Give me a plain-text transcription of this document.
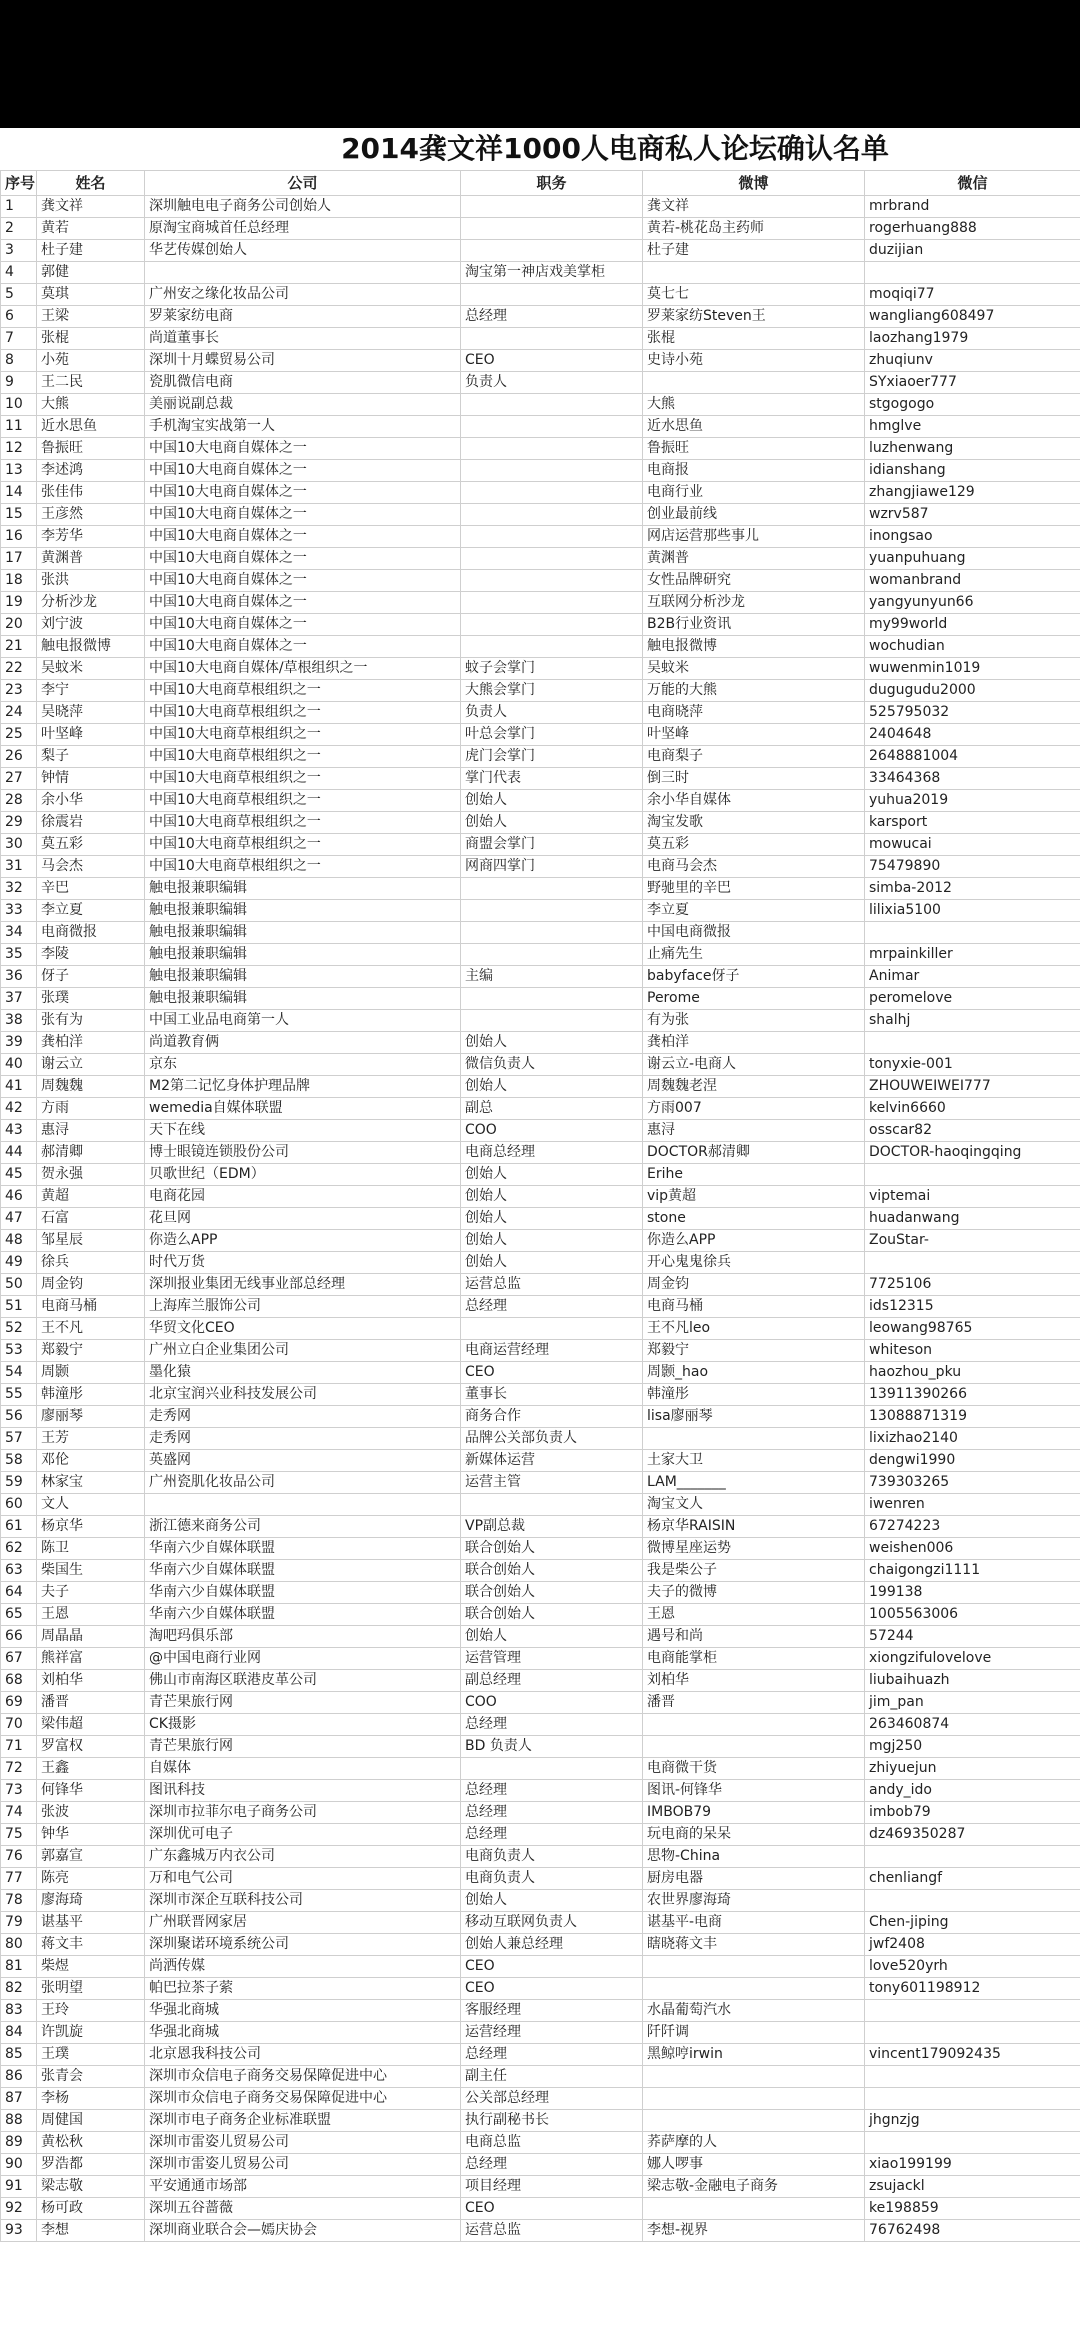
2014龚文祥1000人电商私人论坛确认名单
序号	姓名	公司	职务	微博	微信
1	龚文祥	深圳触电电子商务公司创始人		龚文祥	mrbrand
2	黄若	原淘宝商城首任总经理		黄若-桃花岛主药师	rogerhuang888
3	杜子建	华艺传媒创始人		杜子建	duzijian
4	郭健		淘宝第一神店戏美掌柜		
5	莫琪	广州安之缘化妆品公司		莫七七	moqiqi77
6	王梁	罗莱家纺电商	总经理	罗莱家纺Steven王	wangliang608497
7	张棍	尚道董事长		张棍	laozhang1979
8	小苑	深圳十月蝶贸易公司	CEO	史诗小苑	zhuqiunv
9	王二民	瓷肌微信电商	负责人		SYxiaoer777
10	大熊	美丽说副总裁		大熊	stgogogo
11	近水思鱼	手机淘宝实战第一人		近水思鱼	hmglve
12	鲁振旺	中国10大电商自媒体之一		鲁振旺	luzhenwang
13	李述鸿	中国10大电商自媒体之一		电商报	idianshang
14	张佳伟	中国10大电商自媒体之一		电商行业	zhangjiawe129
15	王彦然	中国10大电商自媒体之一		创业最前线	wzrv587
16	李芳华	中国10大电商自媒体之一		网店运营那些事儿	inongsao
17	黄渊普	中国10大电商自媒体之一		黄渊普	yuanpuhuang
18	张洪	中国10大电商自媒体之一		女性品牌研究	womanbrand
19	分析沙龙	中国10大电商自媒体之一		互联网分析沙龙	yangyunyun66
20	刘宁波	中国10大电商自媒体之一		B2B行业资讯	my99world
21	触电报微博	中国10大电商自媒体之一		触电报微博	wochudian
22	吴蚊米	中国10大电商自媒体/草根组织之一	蚊子会掌门	吴蚊米	wuwenmin1019
23	李宁	中国10大电商草根组织之一	大熊会掌门	万能的大熊	dugugudu2000
24	吴晓萍	中国10大电商草根组织之一	负责人	电商晓萍	525795032
25	叶坚峰	中国10大电商草根组织之一	叶总会掌门	叶坚峰	2404648
26	梨子	中国10大电商草根组织之一	虎门会掌门	电商梨子	2648881004
27	钟情	中国10大电商草根组织之一	掌门代表	倒三时	33464368
28	余小华	中国10大电商草根组织之一	创始人	余小华自媒体	yuhua2019
29	徐震岩	中国10大电商草根组织之一	创始人	淘宝发歌	karsport
30	莫五彩	中国10大电商草根组织之一	商盟会掌门	莫五彩	mowucai
31	马会杰	中国10大电商草根组织之一	网商四掌门	电商马会杰	75479890
32	辛巴	触电报兼职编辑		野驰里的辛巴	simba-2012
33	李立夏	触电报兼职编辑		李立夏	lilixia5100
34	电商微报	触电报兼职编辑		中国电商微报	
35	李陵	触电报兼职编辑		止痛先生	mrpainkiller
36	伢子	触电报兼职编辑	主编	babyface伢子	Animar
37	张璞	触电报兼职编辑		Perome	peromelove
38	张有为	中国工业品电商第一人		有为张	shalhj
39	龚柏洋	尚道教育俩	创始人	龚柏洋	
40	谢云立	京东	微信负责人	谢云立-电商人	tonyxie-001
41	周魏魏	M2第二记忆身体护理品牌	创始人	周魏魏老涅	ZHOUWEIWEI777
42	方雨	wemedia自媒体联盟	副总	方雨007	kelvin6660
43	惠浔	天下在线	COO	惠浔	osscar82
44	郝清卿	博士眼镜连锁股份公司	电商总经理	DOCTOR郝清卿	DOCTOR-haoqingqing
45	贺永强	贝歌世纪（EDM）	创始人	Erihe	
46	黄超	电商花园	创始人	vip黄超	viptemai
47	石富	花旦网	创始人	stone	huadanwang
48	邹星辰	你造么APP	创始人	你造么APP	ZouStar-
49	徐兵	时代万货	创始人	开心鬼鬼徐兵	
50	周金钧	深圳报业集团无线事业部总经理	运营总监	周金钧	7725106
51	电商马桶	上海库兰服饰公司	总经理	电商马桶	ids12315
52	王不凡	华贸文化CEO		王不凡leo	leowang98765
53	郑毅宁	广州立白企业集团公司	电商运营经理	郑毅宁	whiteson
54	周颢	墨化猿	CEO	周颢_hao	haozhou_pku
55	韩潼彤	北京宝润兴业科技发展公司	董事长	韩潼彤	13911390266
56	廖丽琴	走秀网	商务合作	lisa廖丽琴	13088871319
57	王芳	走秀网	品牌公关部负责人		lixizhao2140
58	邓伦	英盛网	新媒体运营	土家大卫	dengwi1990
59	林家宝	广州瓷肌化妆品公司	运营主管	LAM_______	739303265
60	文人			淘宝文人	iwenren
61	杨京华	浙江德来商务公司	VP副总裁	杨京华RAISIN	67274223
62	陈卫	华南六少自媒体联盟	联合创始人	微博星座运势	weishen006
63	柴国生	华南六少自媒体联盟	联合创始人	我是柴公子	chaigongzi1111
64	夫子	华南六少自媒体联盟	联合创始人	夫子的微博	199138
65	王恩	华南六少自媒体联盟	联合创始人	王恩	1005563006
66	周晶晶	淘吧玛俱乐部	创始人	遇号和尚	57244
67	熊祥富	@中国电商行业网	运营管理	电商能掌柜	xiongzifulovelove
68	刘柏华	佛山市南海区联港皮革公司	副总经理	刘柏华	liubaihuazh
69	潘晋	青芒果旅行网	COO	潘晋	jim_pan
70	梁伟超	CK摄影	总经理		263460874
71	罗富权	青芒果旅行网	BD 负责人		mgj250
72	王鑫	自媒体		电商微干货	zhiyuejun
73	何锋华	图讯科技	总经理	图讯-何锋华	andy_ido
74	张波	深圳市拉菲尔电子商务公司	总经理	IMBOB79	imbob79
75	钟华	深圳优可电子	总经理	玩电商的呆呆	dz469350287
76	郭嘉宣	广东鑫城万内衣公司	电商负责人	思物-China	
77	陈亮	万和电气公司	电商负责人	厨房电器	chenliangf
78	廖海琦	深圳市深企互联科技公司	创始人	农世界廖海琦	
79	谌基平	广州联晋网家居	移动互联网负责人	谌基平-电商	Chen-jiping
80	蒋文丰	深圳聚诺环境系统公司	创始人兼总经理	瞎晓蒋文丰	jwf2408
81	柴煜	尚洒传媒	CEO		love520yrh
82	张明望	帕巴拉茶子萦	CEO		tony601198912
83	王玲	华强北商城	客服经理	水晶葡萄汽水	
84	许凯旋	华强北商城	运营经理	阡阡调	
85	王璞	北京恩我科技公司	总经理	黑鲸哼irwin	vincent179092435
86	张青会	深圳市众信电子商务交易保障促进中心	副主任		
87	李杨	深圳市众信电子商务交易保障促进中心	公关部总经理		
88	周健国	深圳市电子商务企业标准联盟	执行副秘书长		jhgnzjg
89	黄松秋	深圳市雷姿儿贸易公司	电商总监	荞萨摩的人	
90	罗浩都	深圳市雷姿儿贸易公司	总经理	娜人啰事	xiao199199
91	梁志敬	平安通通市场部	项目经理	梁志敬-金融电子商务	zsujackl
92	杨可政	深圳五谷蔷薇	CEO		ke198859
93	李想	深圳商业联合会—嫣庆协会	运营总监	李想-视界	76762498
